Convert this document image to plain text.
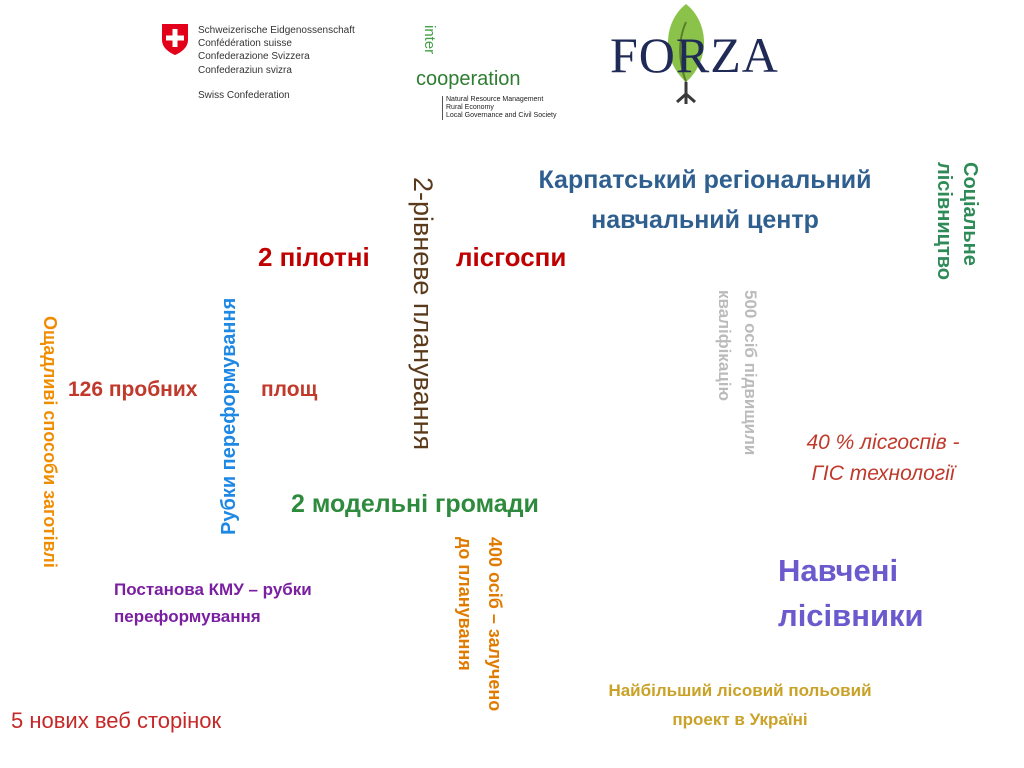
Schweizerische Eidgenossenschaft
Confédération suisse
Confederazione Svizzera
Confederaziun svizra
Swiss Confederation
inter
cooperation
Natural Resource Management
Rural Economy
Local Governance and Civil Society
FORZA
Карпатський регіональний
навчальний центр
2 пілотні	лісгоспи
126 пробних	площ
2 модельні громади
40 % лісгоспів -
ГІС технології
Навчені
лісівники
Постанова КМУ – рубки
переформування
Найбільший лісовий польовий
проект в Україні
5 нових веб сторінок
Соціальне
лісівництво
2-рівневе планування	500 осіб підвищили
кваліфікацію
Рубки переформування
Ощадливі способи заготівлі
400 осіб – залучено
до планування
